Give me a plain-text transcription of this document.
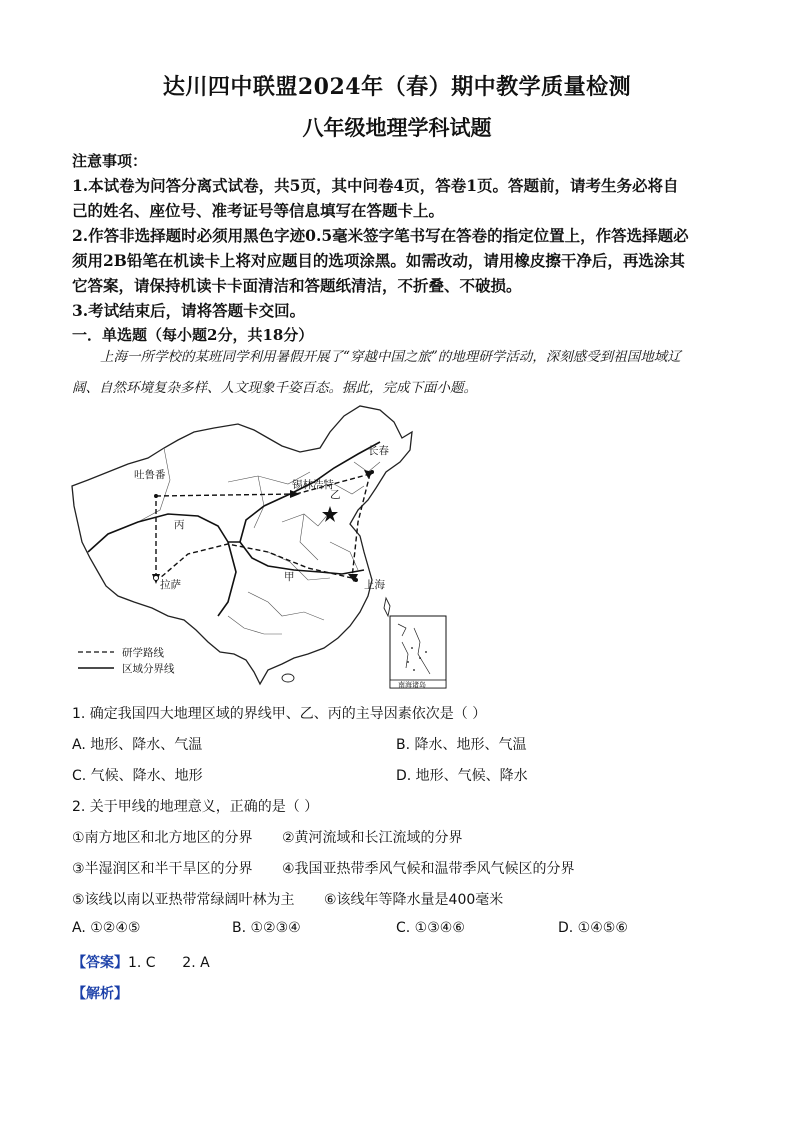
达川四中联盟2024年（春）期中教学质量检测
八年级地理学科试题
注意事项：
1.本试卷为问答分离式试卷，共5页，其中问卷4页，答卷1页。答题前，请考生务必将自
己的姓名、座位号、准考证号等信息填写在答题卡上。
2.作答非选择题时必须用黑色字迹0.5毫米签字笔书写在答卷的指定位置上，作答选择题必
须用2B铅笔在机读卡上将对应题目的选项涂黑。如需改动，请用橡皮擦干净后，再选涂其
它答案，请保持机读卡卡面清洁和答题纸清洁，不折叠、不破损。
3.考试结束后，请将答题卡交回。
一．单选题（每小题2分，共18分）
上海一所学校的某班同学利用暑假开展了“穿越中国之旅”的地理研学活动，深刻感受到祖国地域辽
阔、自然环境复杂多样、人文现象千姿百态。据此，完成下面小题。
吐鲁番
长春
锡林浩特
拉萨	上海
丙
乙
甲
南海诸岛
研学路线
区域分界线
1. 确定我国四大地理区域的界线甲、乙、丙的主导因素依次是（ ）
A. 地形、降水、气温	B. 降水、地形、气温
C. 气候、降水、地形	D. 地形、气候、降水
2. 关于甲线的地理意义，正确的是（ ）
①南方地区和北方地区的分界 ②黄河流域和长江流域的分界
③半湿润区和半干旱区的分界 ④我国亚热带季风气候和温带季风气候区的分界
⑤该线以南以亚热带常绿阔叶林为主 ⑥该线年等降水量是400毫米
A. ①②④⑤	B. ①②③④	C. ①③④⑥	D. ①④⑤⑥
【答案】1. C      2. A
【解析】
